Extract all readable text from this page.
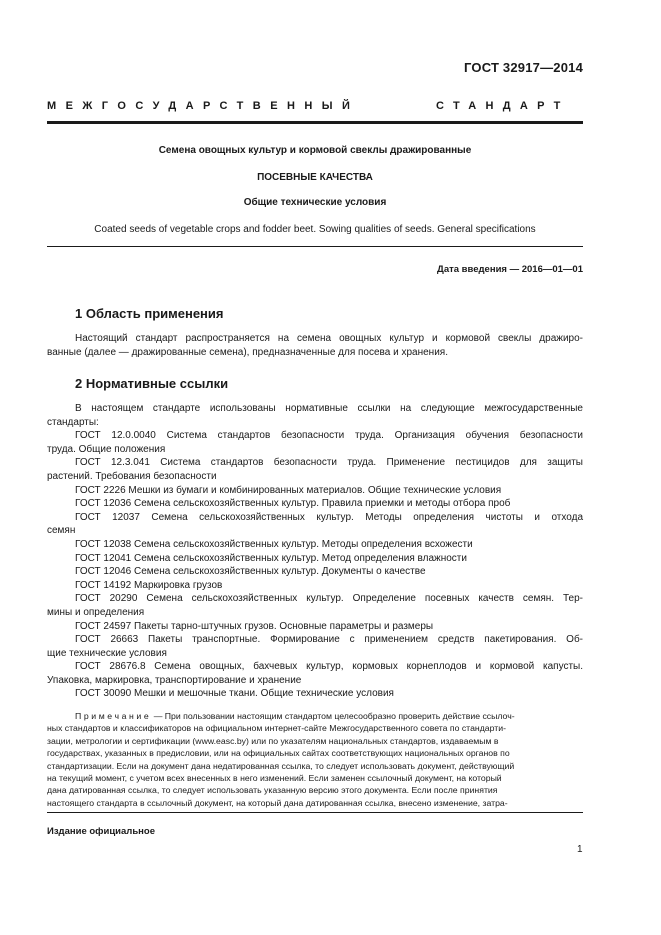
ГОСТ 32917—2014
МЕЖГОСУДАРСТВЕННЫЙ	СТАНДАРТ
Семена овощных культур и кормовой свеклы дражированные
ПОСЕВНЫЕ КАЧЕСТВА
Общие технические условия
Coated seeds of vegetable crops and fodder beet. Sowing qualities of seeds. General specifications
Дата введения — 2016—01—01
1 Область применения
Настоящий стандарт распространяется на семена овощных культур и кормовой свеклы дражиро-
ванные (далее — дражированные семена), предназначенные для посева и хранения.
2 Нормативные ссылки
В настоящем стандарте использованы нормативные ссылки на следующие межгосударственные
стандарты:
ГОСТ 12.0.0040 Система стандартов безопасности труда. Организация обучения безопасности
труда. Общие положения
ГОСТ 12.3.041 Система стандартов безопасности труда. Применение пестицидов для защиты
растений. Требования безопасности
ГОСТ 2226 Мешки из бумаги и комбинированных материалов. Общие технические условия
ГОСТ 12036 Семена сельскохозяйственных культур. Правила приемки и методы отбора проб
ГОСТ 12037 Семена сельскохозяйственных культур. Методы определения чистоты и отхода
семян
ГОСТ 12038 Семена сельскохозяйственных культур. Методы определения всхожести
ГОСТ 12041 Семена сельскохозяйственных культур. Метод определения влажности
ГОСТ 12046 Семена сельскохозяйственных культур. Документы о качестве
ГОСТ 14192 Маркировка грузов
ГОСТ 20290 Семена сельскохозяйственных культур. Определение посевных качеств семян. Тер-
мины и определения
ГОСТ 24597 Пакеты тарно-штучных грузов. Основные параметры и размеры
ГОСТ 26663 Пакеты транспортные. Формирование с применением средств пакетирования. Об-
щие технические условия
ГОСТ 28676.8 Семена овощных, бахчевых культур, кормовых корнеплодов и кормовой капусты.
Упаковка, маркировка, транспортирование и хранение
ГОСТ 30090 Мешки и мешочные ткани. Общие технические условия
Примечание — При пользовании настоящим стандартом целесообразно проверить действие ссылоч-
ных стандартов и классификаторов на официальном интернет-сайте Межгосударственного совета по стандарти-
зации, метрологии и сертификации (www.easc.by) или по указателям национальных стандартов, издаваемым в
государствах, указанных в предисловии, или на официальных сайтах соответствующих национальных органов по
стандартизации. Если на документ дана недатированная ссылка, то следует использовать документ, действующий
на текущий момент, с учетом всех внесенных в него изменений. Если заменен ссылочный документ, на который
дана датированная ссылка, то следует использовать указанную версию этого документа. Если после принятия
настоящего стандарта в ссылочный документ, на который дана датированная ссылка, внесено изменение, затра-
Издание официальное
1
